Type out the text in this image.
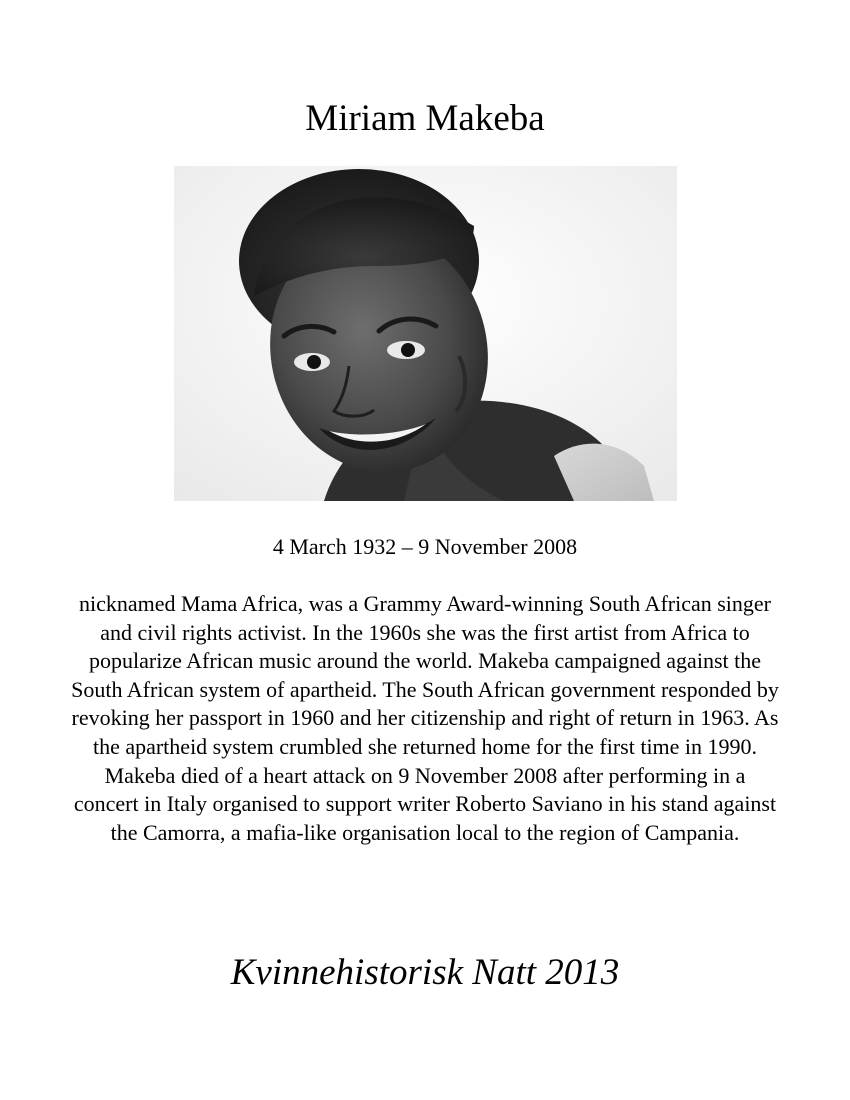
Miriam Makeba
4 March 1932 – 9 November 2008
nicknamed Mama Africa, was a Grammy Award-winning South African singer and civil rights activist. In the 1960s she was the first artist from Africa to popularize African music around the world. Makeba campaigned against the South African system of apartheid. The South African government responded by revoking her passport in 1960 and her citizenship and right of return in 1963. As the apartheid system crumbled she returned home for the first time in 1990. Makeba died of a heart attack on 9 November 2008 after performing in a concert in Italy organised to support writer Roberto Saviano in his stand against the Camorra, a mafia-like organisation local to the region of Campania.
Kvinnehistorisk Natt 2013
